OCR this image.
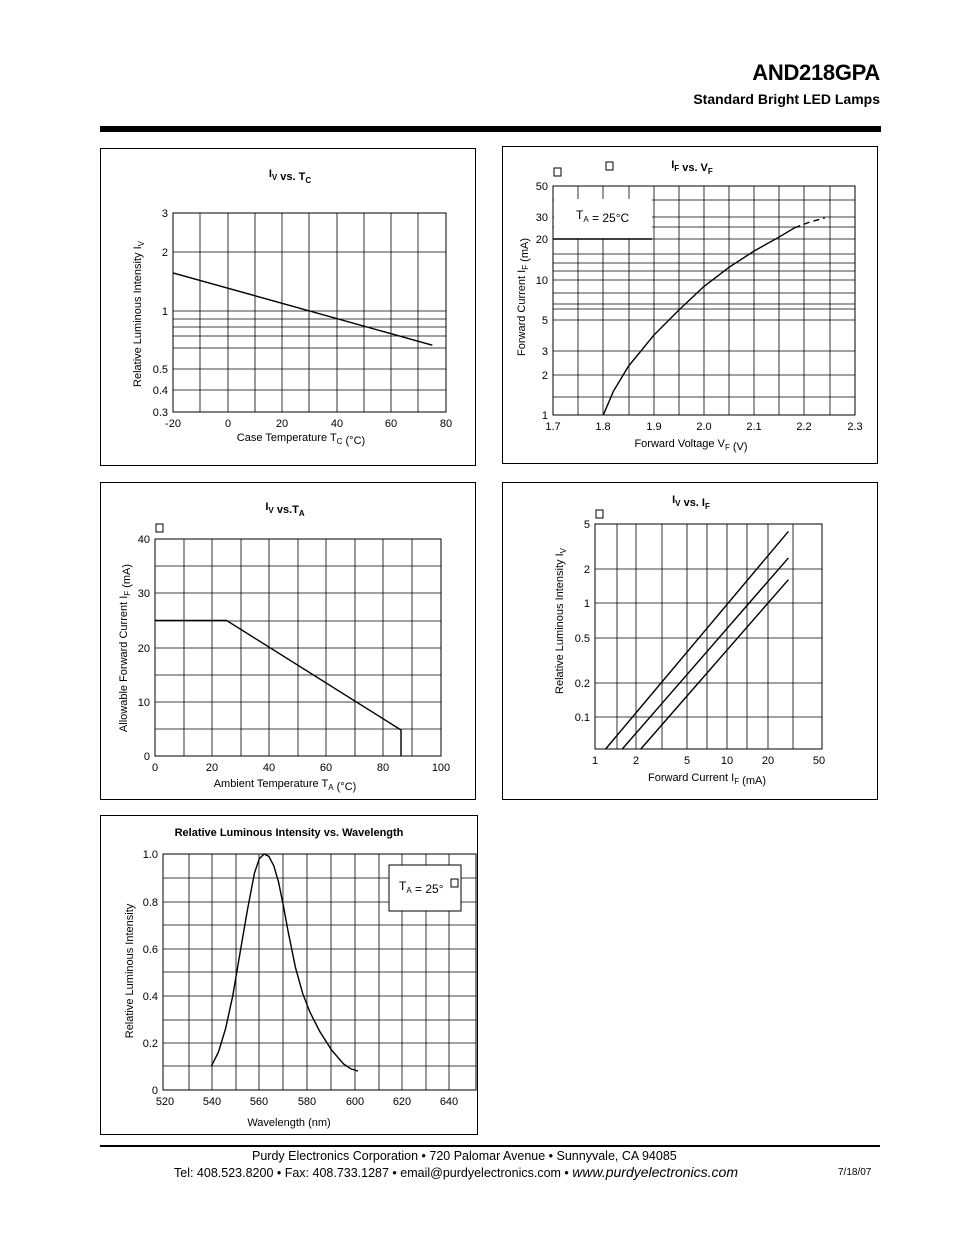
AND218GPA
Standard Bright LED Lamps
-20	0	20	40	60	80
0.3
0.4
0.5
1
2
3
$I_V$ vs. $T_C$
Case Temperature $T_C$ (°C)
Relative Luminous Intensity $I_V$
1.7	1.8	1.9	2.0	2.1	2.2	2.3
1
2
3
5
10
20
30
50
$I_F$ vs. $V_F$
Forward Voltage $V_F$ (V)
Forward Current $I_F$ (mA)
$T_A = 25^\circ C$
0	20	40	60	80	100
0
10
20
30
40
$I_V$ $vs.T_A$
Ambient Temperature $T_A$ (°C)
Allowable Forward Current $I_F$ (mA)
1	2	5	10	20	50
0.1
0.2
0.5
1
2
5
$I_V$ vs. $I_F$
Forward Current $I_F$ (mA)
Relative Luminous Intensity $I_V$
520	540	560	580	600	620	640
0
0.2
0.4
0.6
0.8
1.0
Relative Luminous Intensity vs. Wavelength
Wavelength (nm)
Relative Luminous Intensity
$T_A = 25^\circ$
Purdy Electronics Corporation • 720 Palomar Avenue • Sunnyvale, CA 94085
Tel: 408.523.8200 • Fax: 408.733.1287 • email@purdyelectronics.com • www.purdyelectronics.com	7/18/07
